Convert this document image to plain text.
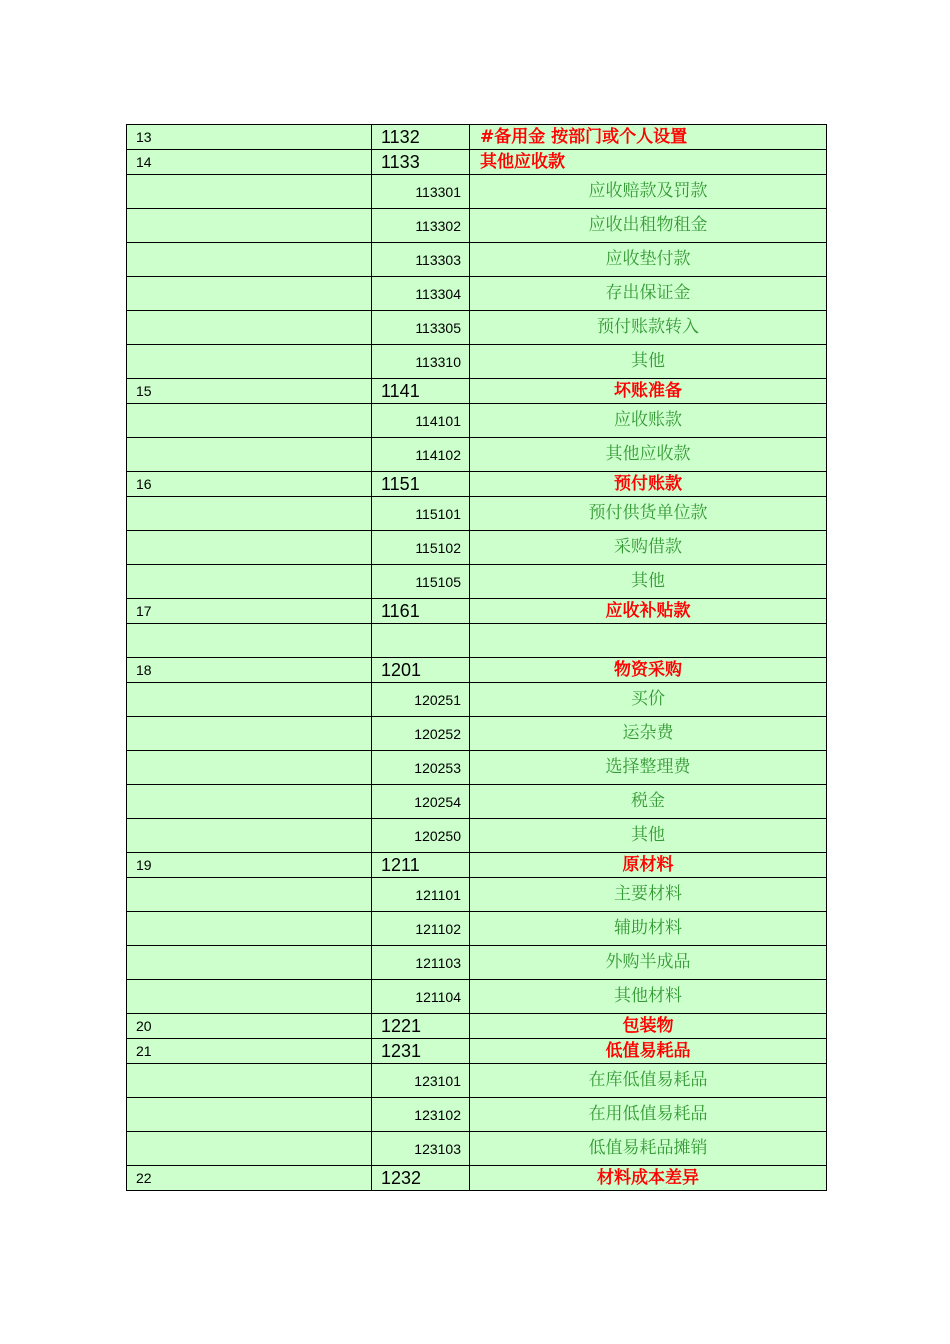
13	1132	#备用金 按部门或个人设置
14	1133	其他应收款
	113301	应收赔款及罚款
	113302	应收出租物租金
	113303	应收垫付款
	113304	存出保证金
	113305	预付账款转入
	113310	其他
15	1141	坏账准备
	114101	应收账款
	114102	其他应收款
16	1151	预付账款
	115101	预付供货单位款
	115102	采购借款
	115105	其他
17	1161	应收补贴款

18	1201	物资采购
	120251	买价
	120252	运杂费
	120253	选择整理费
	120254	税金
	120250	其他
19	1211	原材料
	121101	主要材料
	121102	辅助材料
	121103	外购半成品
	121104	其他材料
20	1221	包装物
21	1231	低值易耗品
	123101	在库低值易耗品
	123102	在用低值易耗品
	123103	低值易耗品摊销
22	1232	材料成本差异
